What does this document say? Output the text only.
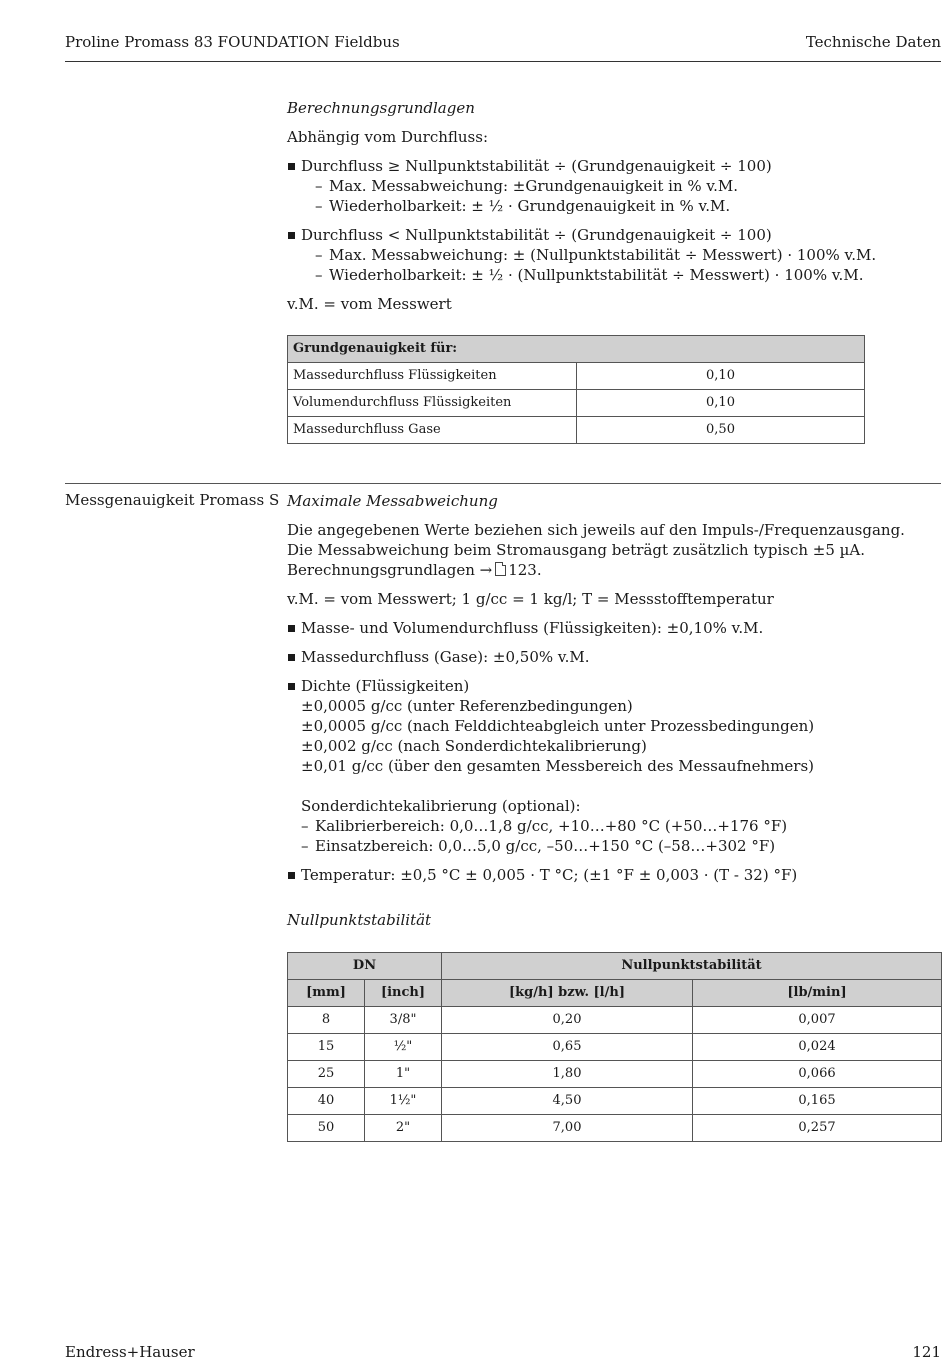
Proline Promass 83 FOUNDATION Fieldbus	Technische Daten

Berechnungsgrundlagen

Abhängig vom Durchfluss:

Durchfluss ≥ Nullpunktstabilität ÷ (Grundgenauigkeit ÷ 100)
– Max. Messabweichung: ±Grundgenauigkeit in % v.M.
– Wiederholbarkeit: ± ½ · Grundgenauigkeit in % v.M.
Durchfluss < Nullpunktstabilität ÷ (Grundgenauigkeit ÷ 100)
– Max. Messabweichung: ± (Nullpunktstabilität ÷ Messwert) · 100% v.M.
– Wiederholbarkeit: ± ½ · (Nullpunktstabilität ÷ Messwert) · 100% v.M.

v.M. = vom Messwert

Grundgenauigkeit für:	
Massedurchfluss Flüssigkeiten	0,10
Volumendurchfluss Flüssigkeiten	0,10
Massedurchfluss Gase	0,50
Messgenauigkeit Promass S Maximale Messabweichung

Die angegebenen Werte beziehen sich jeweils auf den Impuls-/Frequenzausgang.
Die Messabweichung beim Stromausgang beträgt zusätzlich typisch ±5 µA.
Berechnungsgrundlagen → 123.

v.M. = vom Messwert; 1 g/cc = 1 kg/l; T = Messstofftemperatur

Masse- und Volumendurchfluss (Flüssigkeiten): ±0,10% v.M.
Massedurchfluss (Gase): ±0,50% v.M.
Dichte (Flüssigkeiten)
±0,0005 g/cc (unter Referenzbedingungen)
±0,0005 g/cc (nach Felddichteabgleich unter Prozessbedingungen)
±0,002 g/cc (nach Sonderdichtekalibrierung)
±0,01 g/cc (über den gesamten Messbereich des Messaufnehmers)
Sonderdichtekalibrierung (optional):
– Kalibrierbereich: 0,0…1,8 g/cc, +10…+80 °C (+50…+176 °F)
– Einsatzbereich: 0,0…5,0 g/cc, –50…+150 °C (–58…+302 °F)
Temperatur: ±0,5 °C ± 0,005 · T °C; (±1 °F ± 0,003 · (T - 32) °F)

Nullpunktstabilität

DN		Nullpunktstabilität	
[mm]	[inch]	[kg/h] bzw. [l/h]	[lb/min]
8	3/8"	0,20	0,007
15	½"	0,65	0,024
25	1"	1,80	0,066
40	1½"	4,50	0,165
50	2"	7,00	0,257
Endress+Hauser	121
